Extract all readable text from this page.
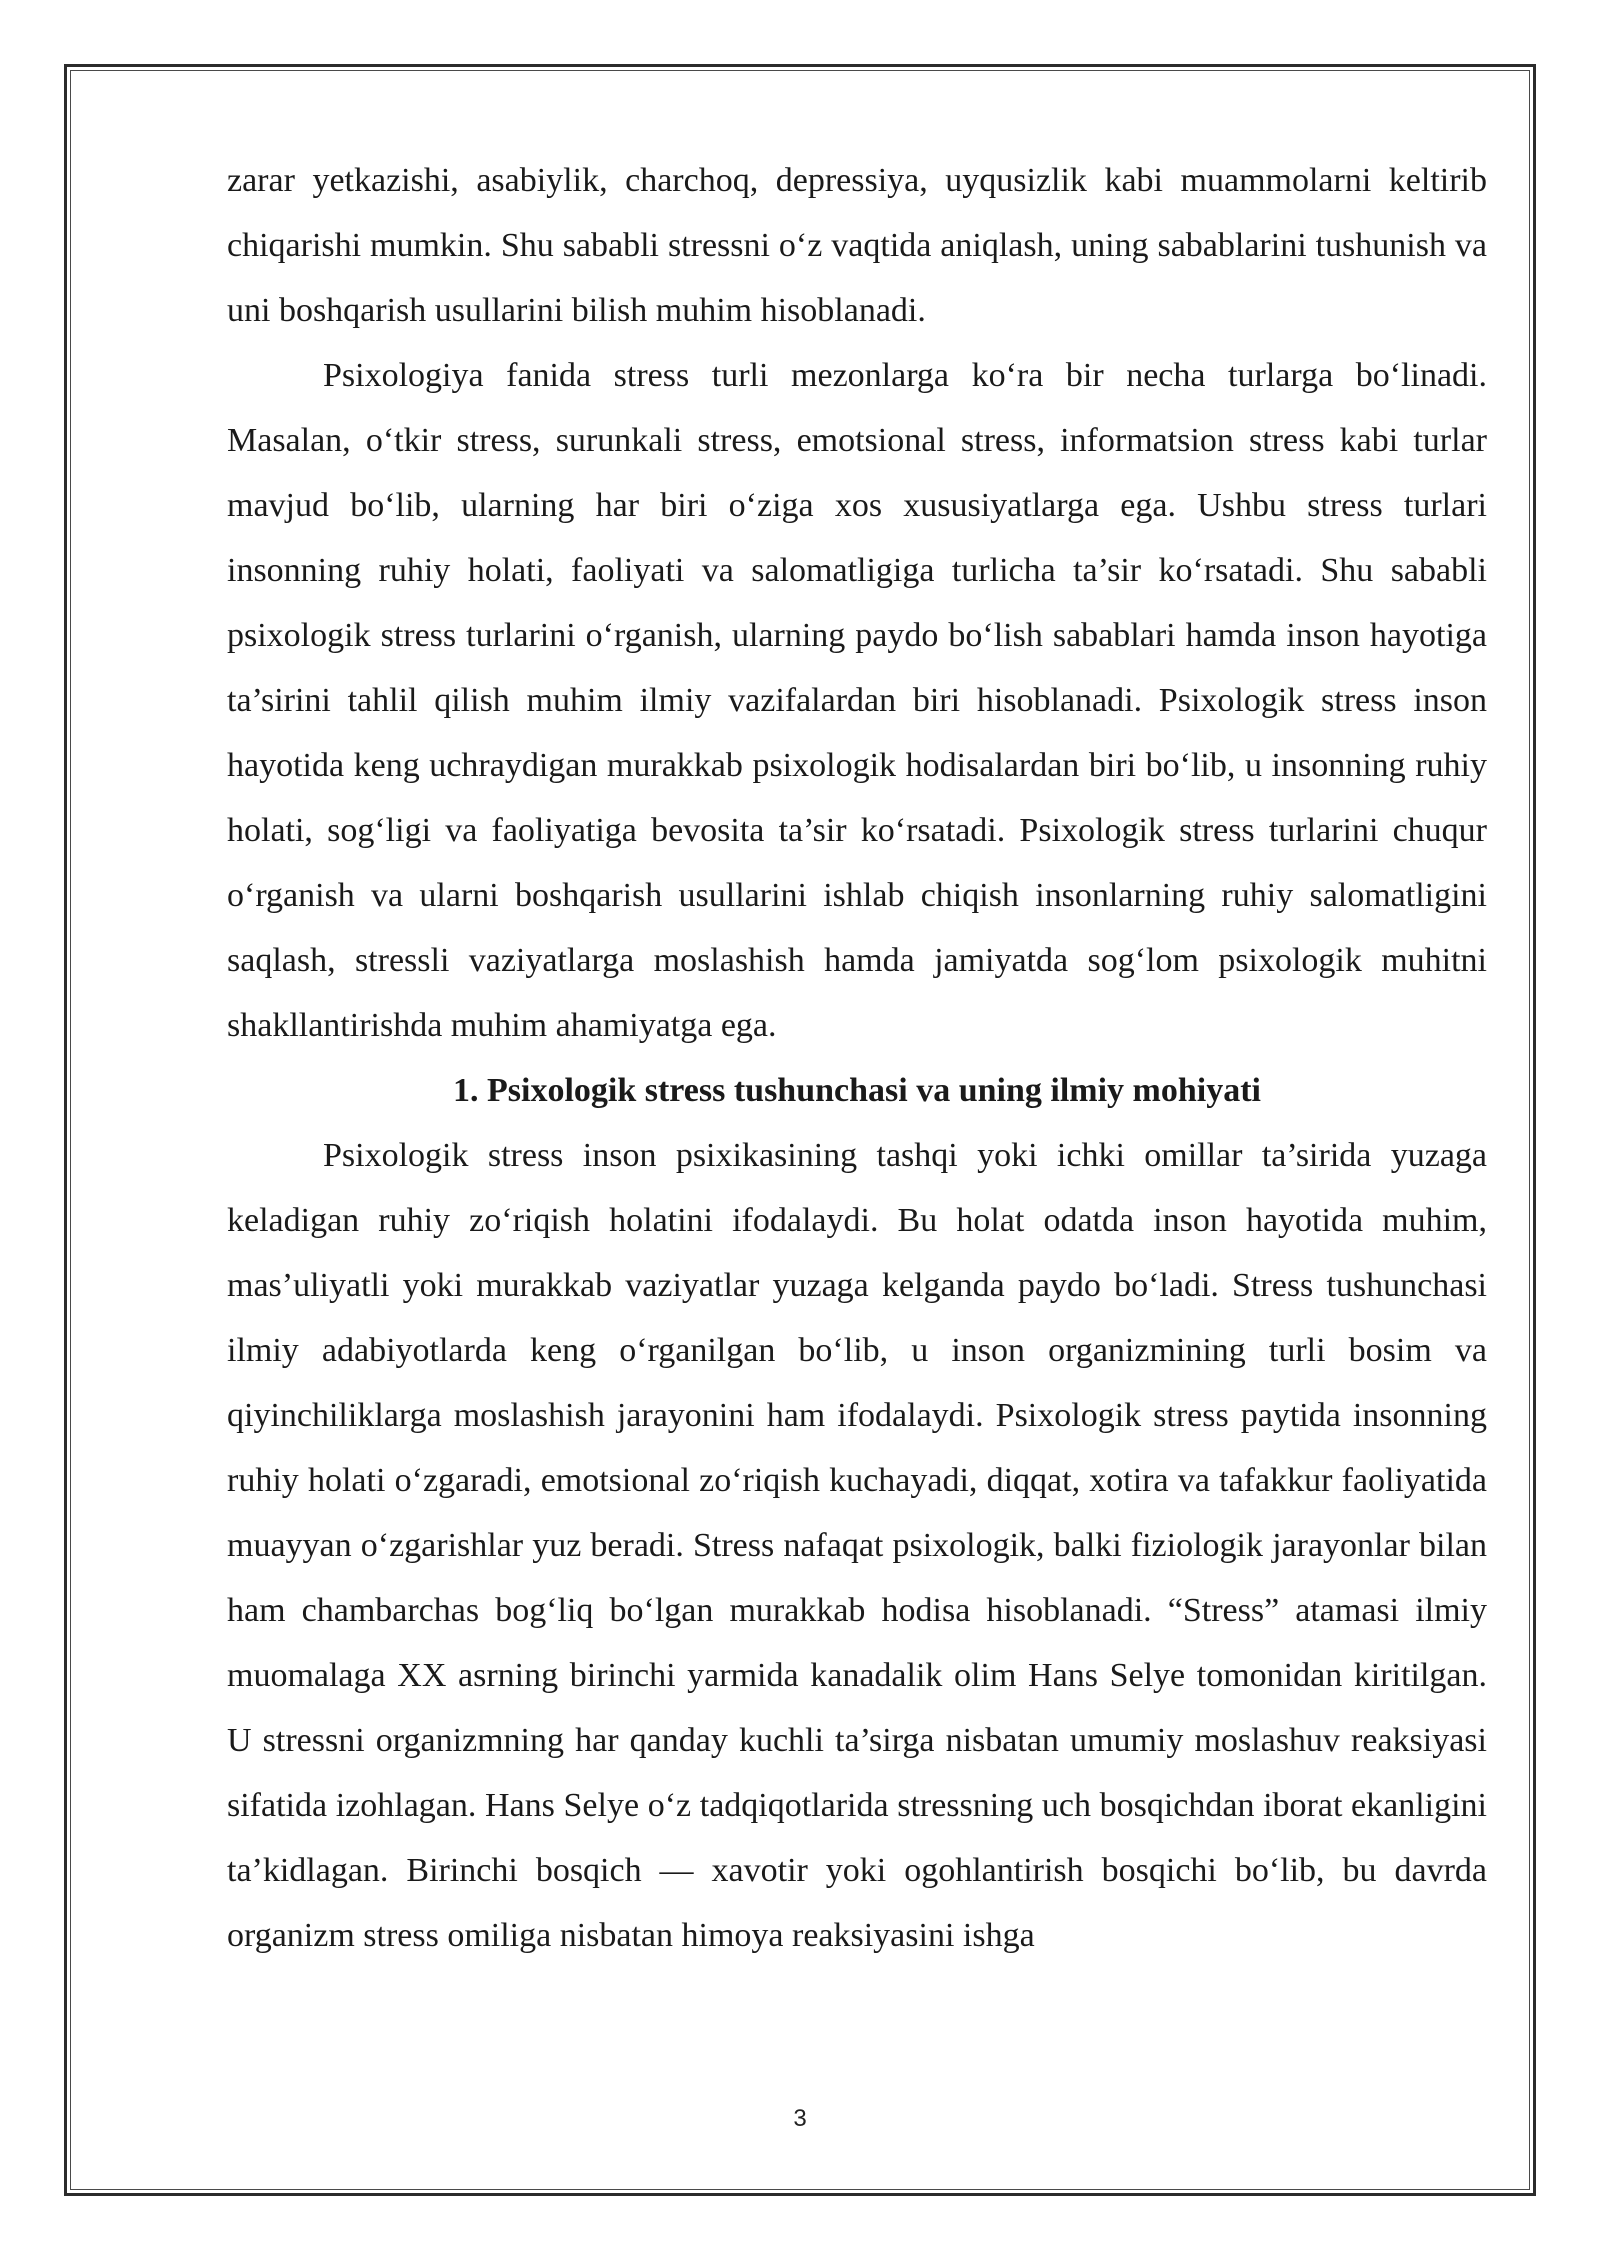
zarar yetkazishi, asabiylik, charchoq, depressiya, uyqusizlik kabi muammolarni keltirib chiqarishi mumkin. Shu sababli stressni o‘z vaqtida aniqlash, uning sabablarini tushunish va uni boshqarish usullarini bilish muhim hisoblanadi.

Psixologiya fanida stress turli mezonlarga ko‘ra bir necha turlarga bo‘linadi. Masalan, o‘tkir stress, surunkali stress, emotsional stress, informatsion stress kabi turlar mavjud bo‘lib, ularning har biri o‘ziga xos xususiyatlarga ega. Ushbu stress turlari insonning ruhiy holati, faoliyati va salomatligiga turlicha ta’sir ko‘rsatadi. Shu sababli psixologik stress turlarini o‘rganish, ularning paydo bo‘lish sabablari hamda inson hayotiga ta’sirini tahlil qilish muhim ilmiy vazifalardan biri hisoblanadi. Psixologik stress inson hayotida keng uchraydigan murakkab psixologik hodisalardan biri bo‘lib, u insonning ruhiy holati, sog‘ligi va faoliyatiga bevosita ta’sir ko‘rsatadi. Psixologik stress turlarini chuqur o‘rganish va ularni boshqarish usullarini ishlab chiqish insonlarning ruhiy salomatligini saqlash, stressli vaziyatlarga moslashish hamda jamiyatda sog‘lom psixologik muhitni shakllantirishda muhim ahamiyatga ega.

1. Psixologik stress tushunchasi va uning ilmiy mohiyati

Psixologik stress inson psixikasining tashqi yoki ichki omillar ta’sirida yuzaga keladigan ruhiy zo‘riqish holatini ifodalaydi. Bu holat odatda inson hayotida muhim, mas’uliyatli yoki murakkab vaziyatlar yuzaga kelganda paydo bo‘ladi. Stress tushunchasi ilmiy adabiyotlarda keng o‘rganilgan bo‘lib, u inson organizmining turli bosim va qiyinchiliklarga moslashish jarayonini ham ifodalaydi. Psixologik stress paytida insonning ruhiy holati o‘zgaradi, emotsional zo‘riqish kuchayadi, diqqat, xotira va tafakkur faoliyatida muayyan o‘zgarishlar yuz beradi. Stress nafaqat psixologik, balki fiziologik jarayonlar bilan ham chambarchas bog‘liq bo‘lgan murakkab hodisa hisoblanadi. “Stress” atamasi ilmiy muomalaga XX asrning birinchi yarmida kanadalik olim Hans Selye tomonidan kiritilgan. U stressni organizmning har qanday kuchli ta’sirga nisbatan umumiy moslashuv reaksiyasi sifatida izohlagan. Hans Selye o‘z tadqiqotlarida stressning uch bosqichdan iborat ekanligini ta’kidlagan. Birinchi bosqich — xavotir yoki ogohlantirish bosqichi bo‘lib, bu davrda organizm stress omiliga nisbatan himoya reaksiyasini ishga

3
